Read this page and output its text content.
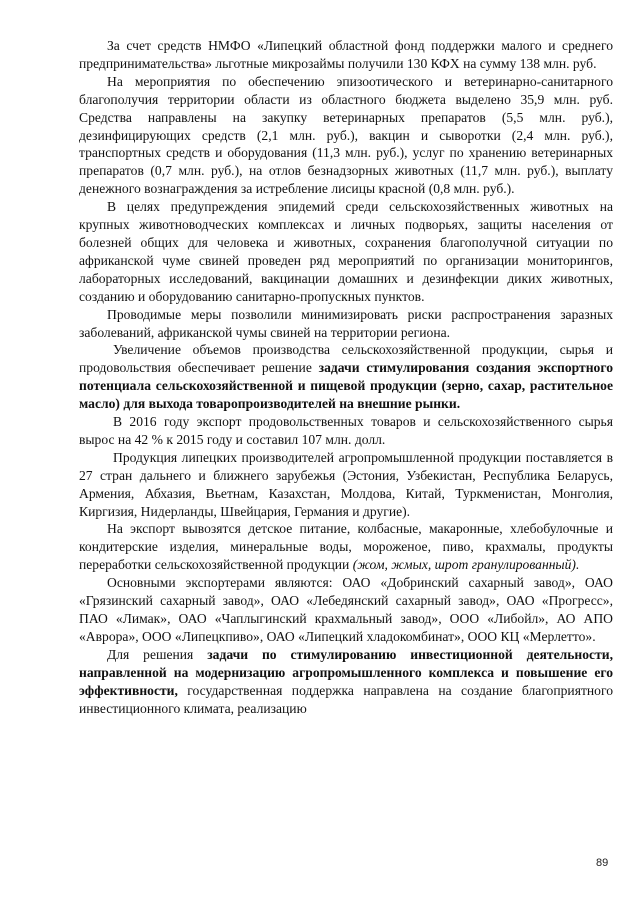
За счет средств НМФО «Липецкий областной фонд поддержки малого и среднего предпринимательства» льготные микрозаймы получили 130 КФХ на сумму 138 млн. руб.

На мероприятия по обеспечению эпизоотического и ветеринарно-санитарного благополучия территории области из областного бюджета выделено 35,9 млн. руб. Средства направлены на закупку ветеринарных препаратов (5,5 млн. руб.), дезинфицирующих средств (2,1 млн. руб.), вакцин и сыворотки (2,4 млн. руб.), транспортных средств и оборудования (11,3 млн. руб.), услуг по хранению ветеринарных препаратов (0,7 млн. руб.), на отлов безнадзорных животных (11,7 млн. руб.), выплату денежного вознаграждения за истребление лисицы красной (0,8 млн. руб.).

В целях предупреждения эпидемий среди сельскохозяйственных животных на крупных животноводческих комплексах и личных подворьях, защиты населения от болезней общих для человека и животных, сохранения благополучной ситуации по африканской чуме свиней проведен ряд мероприятий по организации мониторингов, лабораторных исследований, вакцинации домашних и дезинфекции диких животных, созданию и оборудованию санитарно-пропускных пунктов.

Проводимые меры позволили минимизировать риски распространения заразных заболеваний, африканской чумы свиней на территории региона.

Увеличение объемов производства сельскохозяйственной продукции, сырья и продовольствия обеспечивает решение задачи стимулирования создания экспортного потенциала сельскохозяйственной и пищевой продукции (зерно, сахар, растительное масло) для выхода товаропроизводителей на внешние рынки.

В 2016 году экспорт продовольственных товаров и сельскохозяйственного сырья вырос на 42 % к 2015 году и составил 107 млн. долл.

Продукция липецких производителей агропромышленной продукции поставляется в 27 стран дальнего и ближнего зарубежья (Эстония, Узбекистан, Республика Беларусь, Армения, Абхазия, Вьетнам, Казахстан, Молдова, Китай, Туркменистан, Монголия, Киргизия, Нидерланды, Швейцария, Германия и другие).

На экспорт вывозятся детское питание, колбасные, макаронные, хлебобулочные и кондитерские изделия, минеральные воды, мороженое, пиво, крахмалы, продукты переработки сельскохозяйственной продукции (жом, жмых, шрот гранулированный).

Основными экспортерами являются: ОАО «Добринский сахарный завод», ОАО «Грязинский сахарный завод», ОАО «Лебедянский сахарный завод», ОАО «Прогресс», ПАО «Лимак», ОАО «Чаплыгинский крахмальный завод», ООО «Либойл», АО АПО «Аврора», ООО «Липецкпиво», ОАО «Липецкий хладокомбинат», ООО КЦ «Мерлетто».

Для решения задачи по стимулированию инвестиционной деятельности, направленной на модернизацию агропромышленного комплекса и повышение его эффективности, государственная поддержка направлена на создание благоприятного инвестиционного климата, реализацию

89
